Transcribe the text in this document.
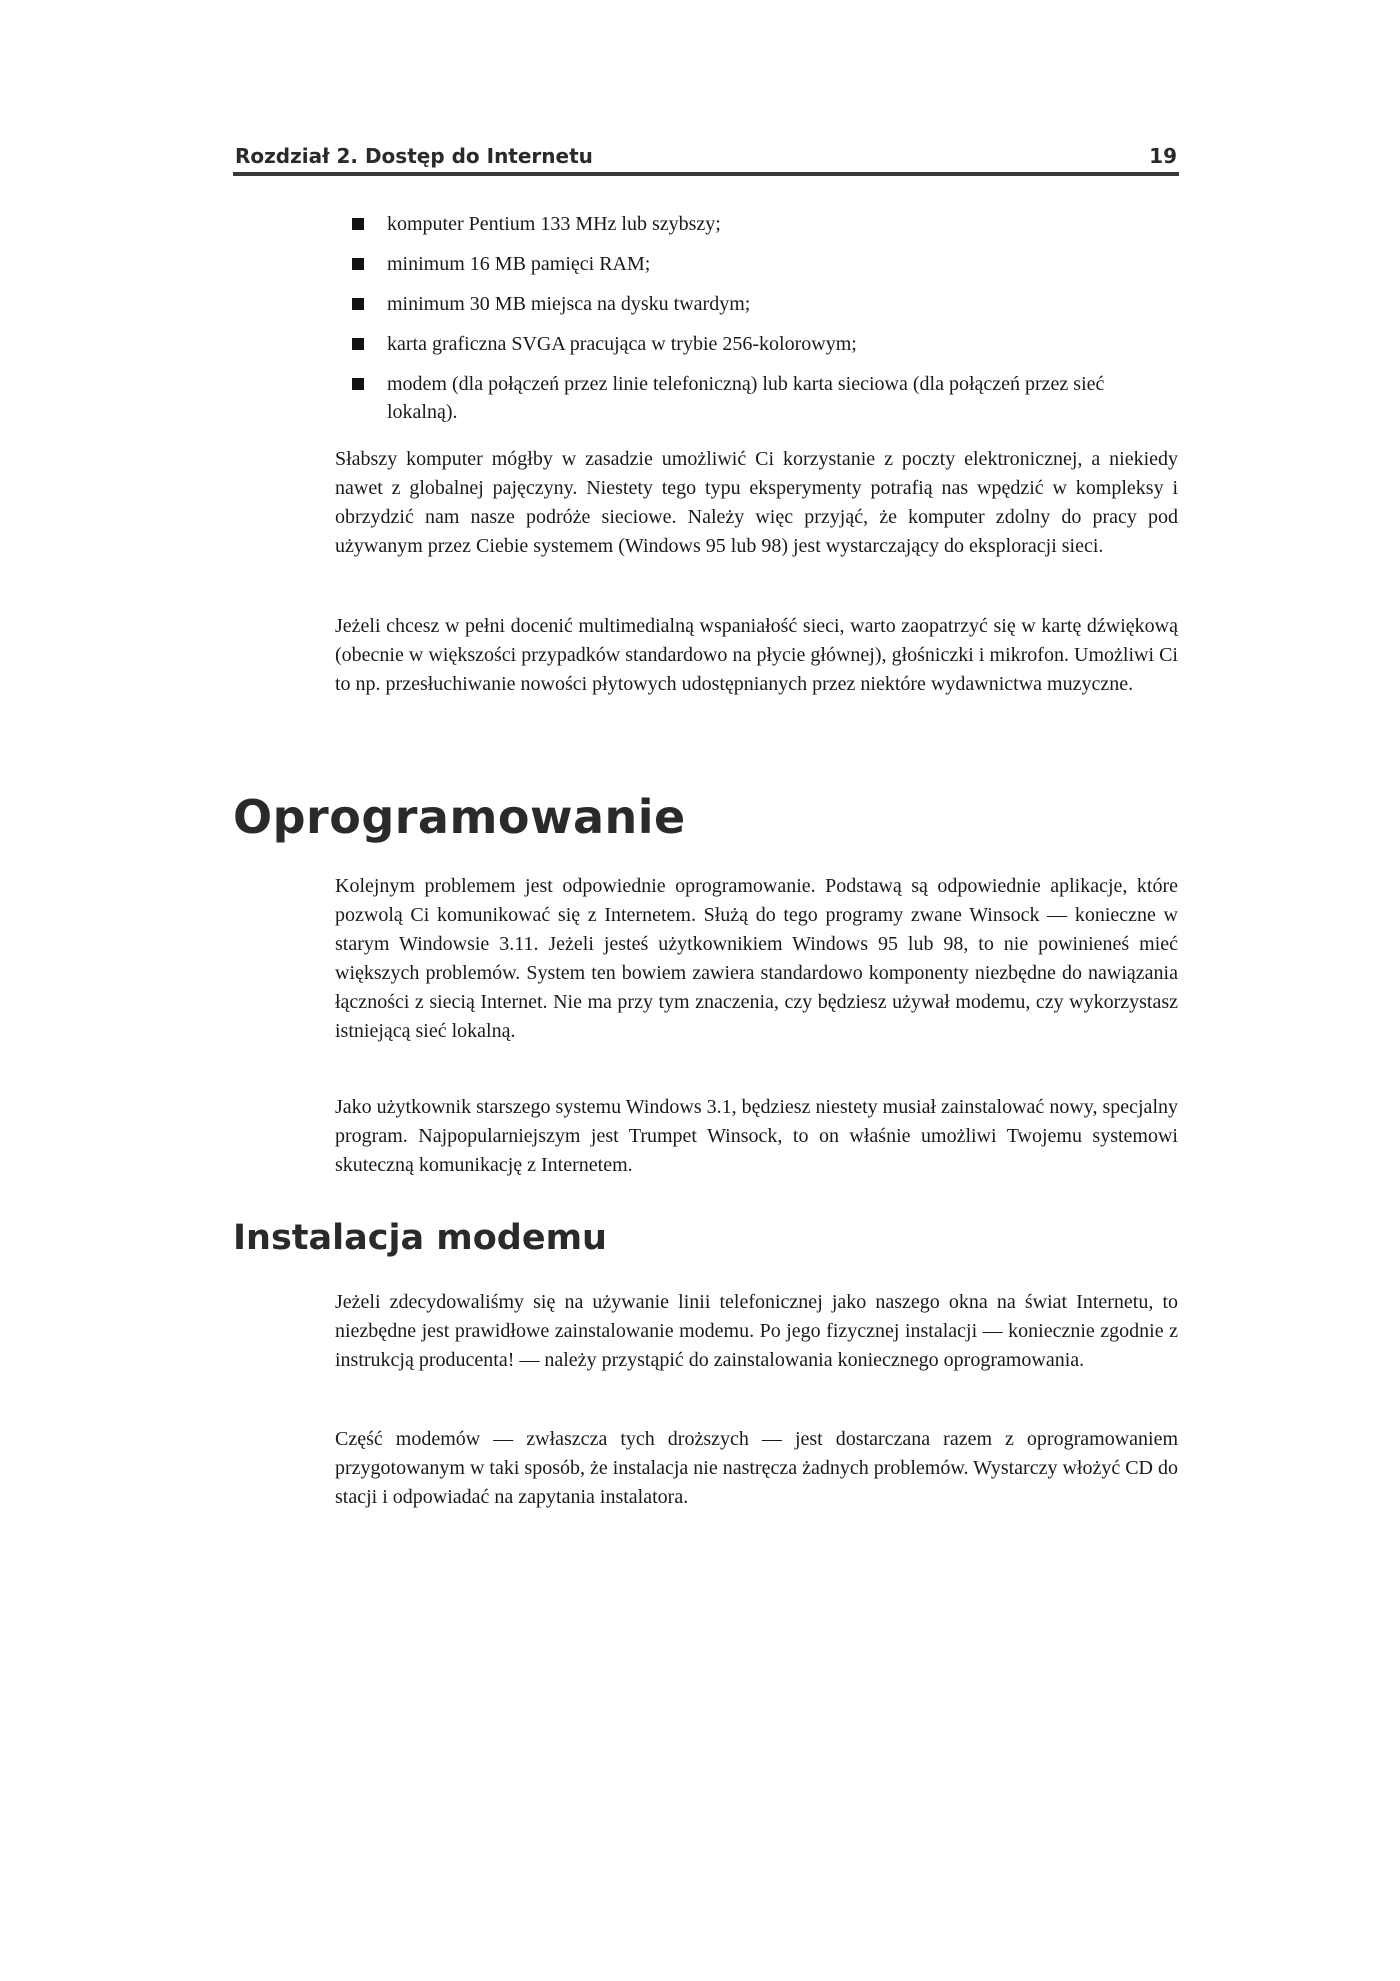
Rozdział 2. Dostęp do Internetu	19
komputer Pentium 133 MHz lub szybszy;
minimum 16 MB pamięci RAM;
minimum 30 MB miejsca na dysku twardym;
karta graficzna SVGA pracująca w trybie 256-kolorowym;
modem (dla połączeń przez linie telefoniczną) lub karta sieciowa (dla połączeń przez sieć lokalną).

Słabszy komputer mógłby w zasadzie umożliwić Ci korzystanie z poczty elektronicznej, a niekiedy nawet z globalnej pajęczyny. Niestety tego typu eksperymenty potrafią nas wpędzić w kompleksy i obrzydzić nam nasze podróże sieciowe. Należy więc przyjąć, że komputer zdolny do pracy pod używanym przez Ciebie systemem (Windows 95 lub 98) jest wystarczający do eksploracji sieci.

Jeżeli chcesz w pełni docenić multimedialną wspaniałość sieci, warto zaopatrzyć się w kartę dźwiękową (obecnie w większości przypadków standardowo na płycie głównej), głośniczki i mikrofon. Umożliwi Ci to np. przesłuchiwanie nowości płytowych udostępnianych przez niektóre wydawnictwa muzyczne.

Oprogramowanie

Kolejnym problemem jest odpowiednie oprogramowanie. Podstawą są odpowiednie aplikacje, które pozwolą Ci komunikować się z Internetem. Służą do tego programy zwane Winsock — konieczne w starym Windowsie 3.11. Jeżeli jesteś użytkownikiem Windows 95 lub 98, to nie powinieneś mieć większych problemów. System ten bowiem zawiera standardowo komponenty niezbędne do nawiązania łączności z siecią Internet. Nie ma przy tym znaczenia, czy będziesz używał modemu, czy wykorzystasz istniejącą sieć lokalną.

Jako użytkownik starszego systemu Windows 3.1, będziesz niestety musiał zainstalować nowy, specjalny program. Najpopularniejszym jest Trumpet Winsock, to on właśnie umożliwi Twojemu systemowi skuteczną komunikację z Internetem.

Instalacja modemu

Jeżeli zdecydowaliśmy się na używanie linii telefonicznej jako naszego okna na świat Internetu, to niezbędne jest prawidłowe zainstalowanie modemu. Po jego fizycznej instalacji — koniecznie zgodnie z instrukcją producenta! — należy przystąpić do zainstalowania koniecznego oprogramowania.

Część modemów — zwłaszcza tych droższych — jest dostarczana razem z oprogramowaniem przygotowanym w taki sposób, że instalacja nie nastręcza żadnych problemów. Wystarczy włożyć CD do stacji i odpowiadać na zapytania instalatora.
